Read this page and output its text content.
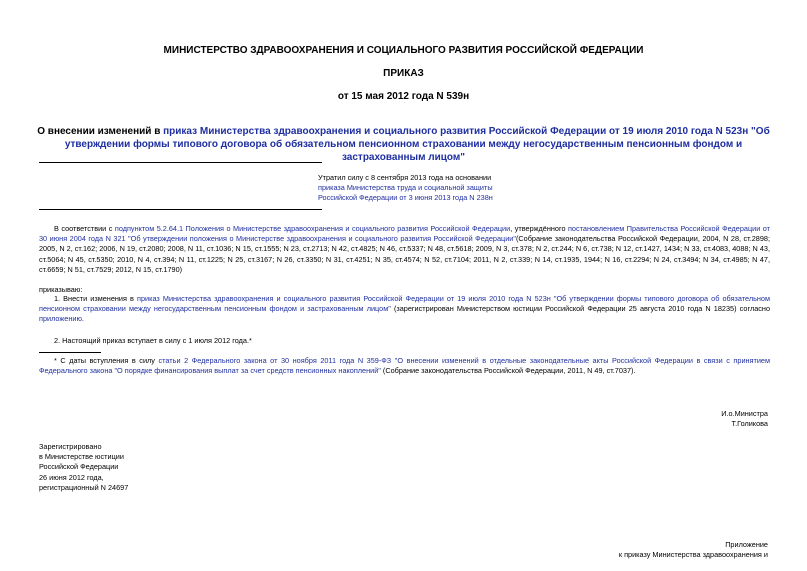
МИНИСТЕРСТВО ЗДРАВООХРАНЕНИЯ И СОЦИАЛЬНОГО РАЗВИТИЯ РОССИЙСКОЙ ФЕДЕРАЦИИ
ПРИКАЗ
от 15 мая 2012 года N 539н
О внесении изменений в приказ Министерства здравоохранения и социального развития Российской Федерации от 19 июля 2010 года N 523н "Об утверждении формы типового договора об обязательном пенсионном страховании между негосударственным пенсионным фондом и застрахованным лицом"
Утратил силу с 8 сентября 2013 года на основании
приказа Министерства труда и социальной защиты
Российской Федерации от 3 июня 2013 года N 238н
В соответствии с подпунктом 5.2.64.1 Положения о Министерстве здравоохранения и социального развития Российской Федерации, утверждённого постановлением Правительства Российской Федерации от 30 июня 2004 года N 321 "Об утверждении положения о Министерстве здравоохранения и социального развития Российской Федерации"(Собрание законодательства Российской Федерации, 2004, N 28, ст.2898; 2005, N 2, ст.162; 2006, N 19, ст.2080; 2008, N 11, ст.1036; N 15, ст.1555; N 23, ст.2713; N 42, ст.4825; N 46, ст.5337; N 48, ст.5618; 2009, N 3, ст.378; N 2, ст.244; N 6, ст.738; N 12, ст.1427, 1434; N 33, ст.4083, 4088; N 43, ст.5064; N 45, ст.5350; 2010, N 4, ст.394; N 11, ст.1225; N 25, ст.3167; N 26, ст.3350; N 31, ст.4251; N 35, ст.4574; N 52, ст.7104; 2011, N 2, ст.339; N 14, ст.1935, 1944; N 16, ст.2294; N 24, ст.3494; N 34, ст.4985; N 47, ст.6659; N 51, ст.7529; 2012, N 15, ст.1790)
приказываю:
1. Внести изменения в приказ Министерства здравоохранения и социального развития Российской Федерации от 19 июля 2010 года N 523н "Об утверждении формы типового договора об обязательном пенсионном страховании между негосударственным пенсионным фондом и застрахованным лицом" (зарегистрирован Министерством юстиции Российской Федерации 25 августа 2010 года N 18235) согласно приложению.
2. Настоящий приказ вступает в силу с 1 июля 2012 года.*
* С даты вступления в силу статьи 2 Федерального закона от 30 ноября 2011 года N 359-ФЗ "О внесении изменений в отдельные законодательные акты Российской Федерации в связи с принятием Федерального закона "О порядке финансирования выплат за счет средств пенсионных накоплений" (Собрание законодательства Российской Федерации, 2011, N 49, ст.7037).
И.о.Министра
Т.Голикова
Зарегистрировано
в Министерстве юстиции
Российской Федерации
26 июня 2012 года,
регистрационный N 24697
Приложение
к приказу Министерства здравоохранения и
